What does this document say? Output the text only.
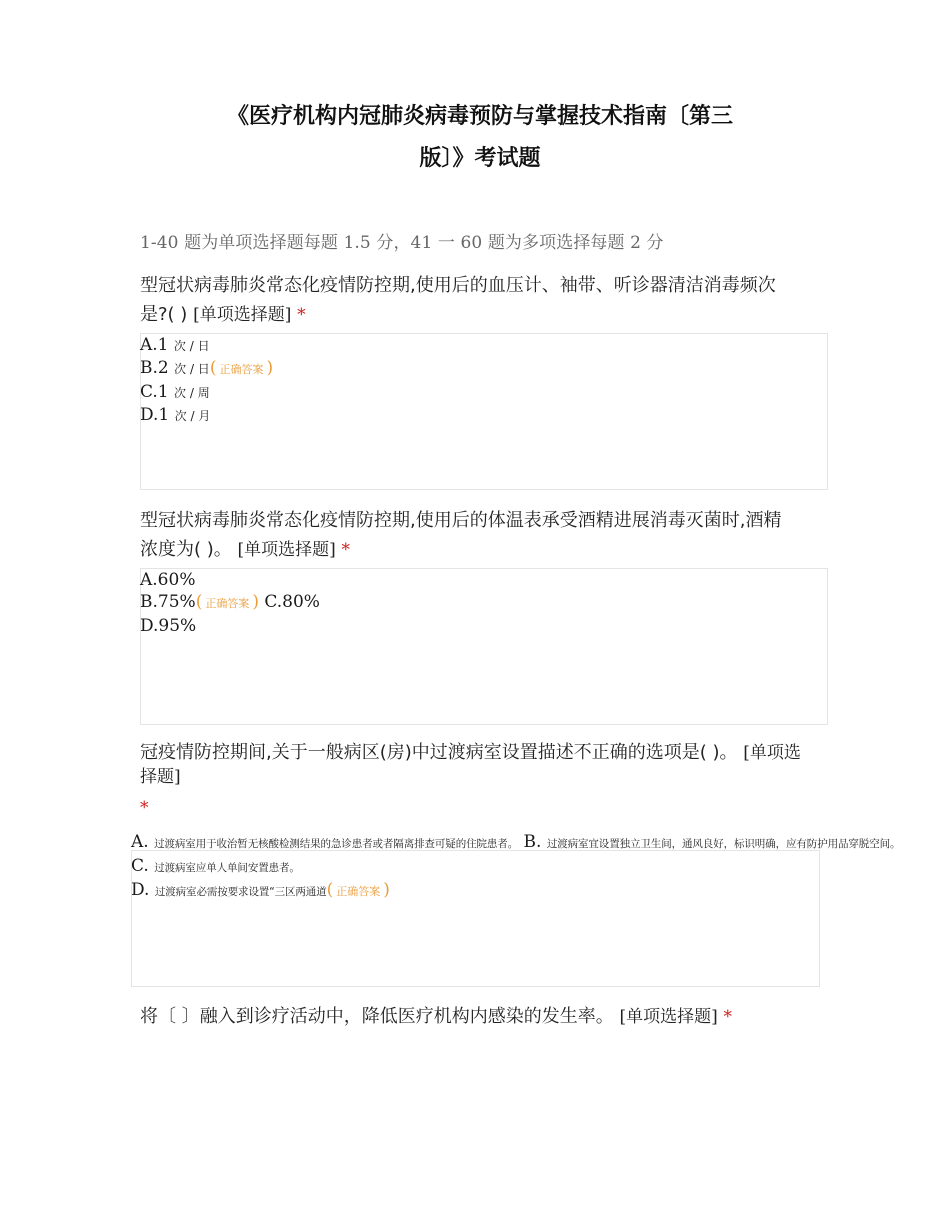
《医疗机构内冠肺炎病毒预防与掌握技术指南〔第三
版〕》考试题
1-40 题为单项选择题每题 1.5 分，41 一 60 题为多项选择每题 2 分
型冠状病毒肺炎常态化疫情防控期,使用后的血压计、袖带、听诊器清洁消毒频次
是?( ) [单项选择题] *
A.1 次 / 日
B.2 次 / 日( 正确答案 )
C.1 次 / 周
D.1 次 / 月
型冠状病毒肺炎常态化疫情防控期,使用后的体温表承受酒精进展消毒灭菌时,酒精
浓度为( )。 [单项选择题] *
A.60%
B.75%( 正确答案 ) C.80%
D.95%
冠疫情防控期间,关于一般病区(房)中过渡病室设置描述不正确的选项是( )。 [单项选
择题]
*
A. 过渡病室用于收治暂无核酸检测结果的急诊患者或者隔离排查可疑的住院患者。 B. 过渡病室宜设置独立卫生间，通风良好，标识明确，应有防护用品穿脱空间。
C. 过渡病室应单人单间安置患者。
D. 过渡病室必需按要求设置“三区两通道( 正确答案 )
将〔 〕融入到诊疗活动中，降低医疗机构内感染的发生率。 [单项选择题] *
